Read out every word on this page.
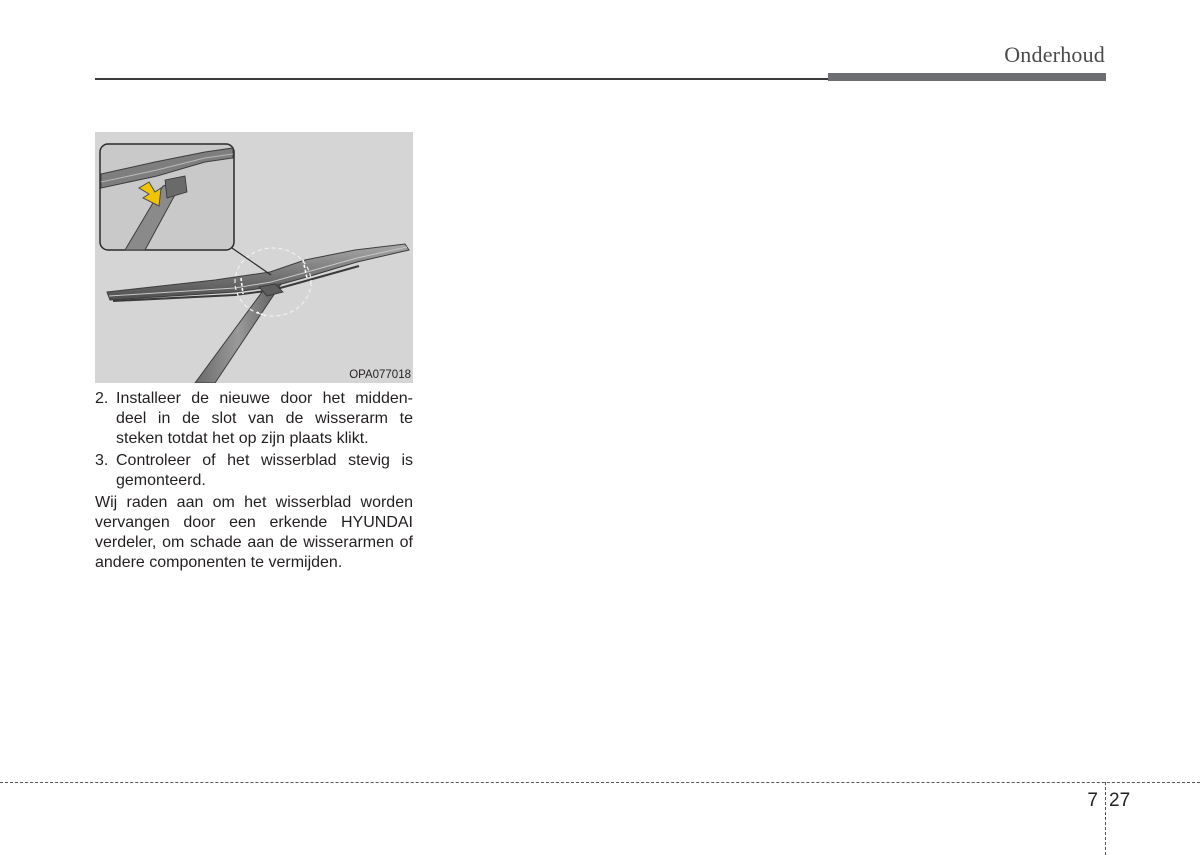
Onderhoud
OPA077018
2. Installeer de nieuwe door het midden-deel in de slot van de wisserarm te steken totdat het op zijn plaats klikt.
3. Controleer of het wisserblad stevig is gemonteerd.
Wij raden aan om het wisserblad worden vervangen door een erkende HYUNDAI verdeler, om schade aan de wisserarmen of andere componenten te vermijden.
7 27
